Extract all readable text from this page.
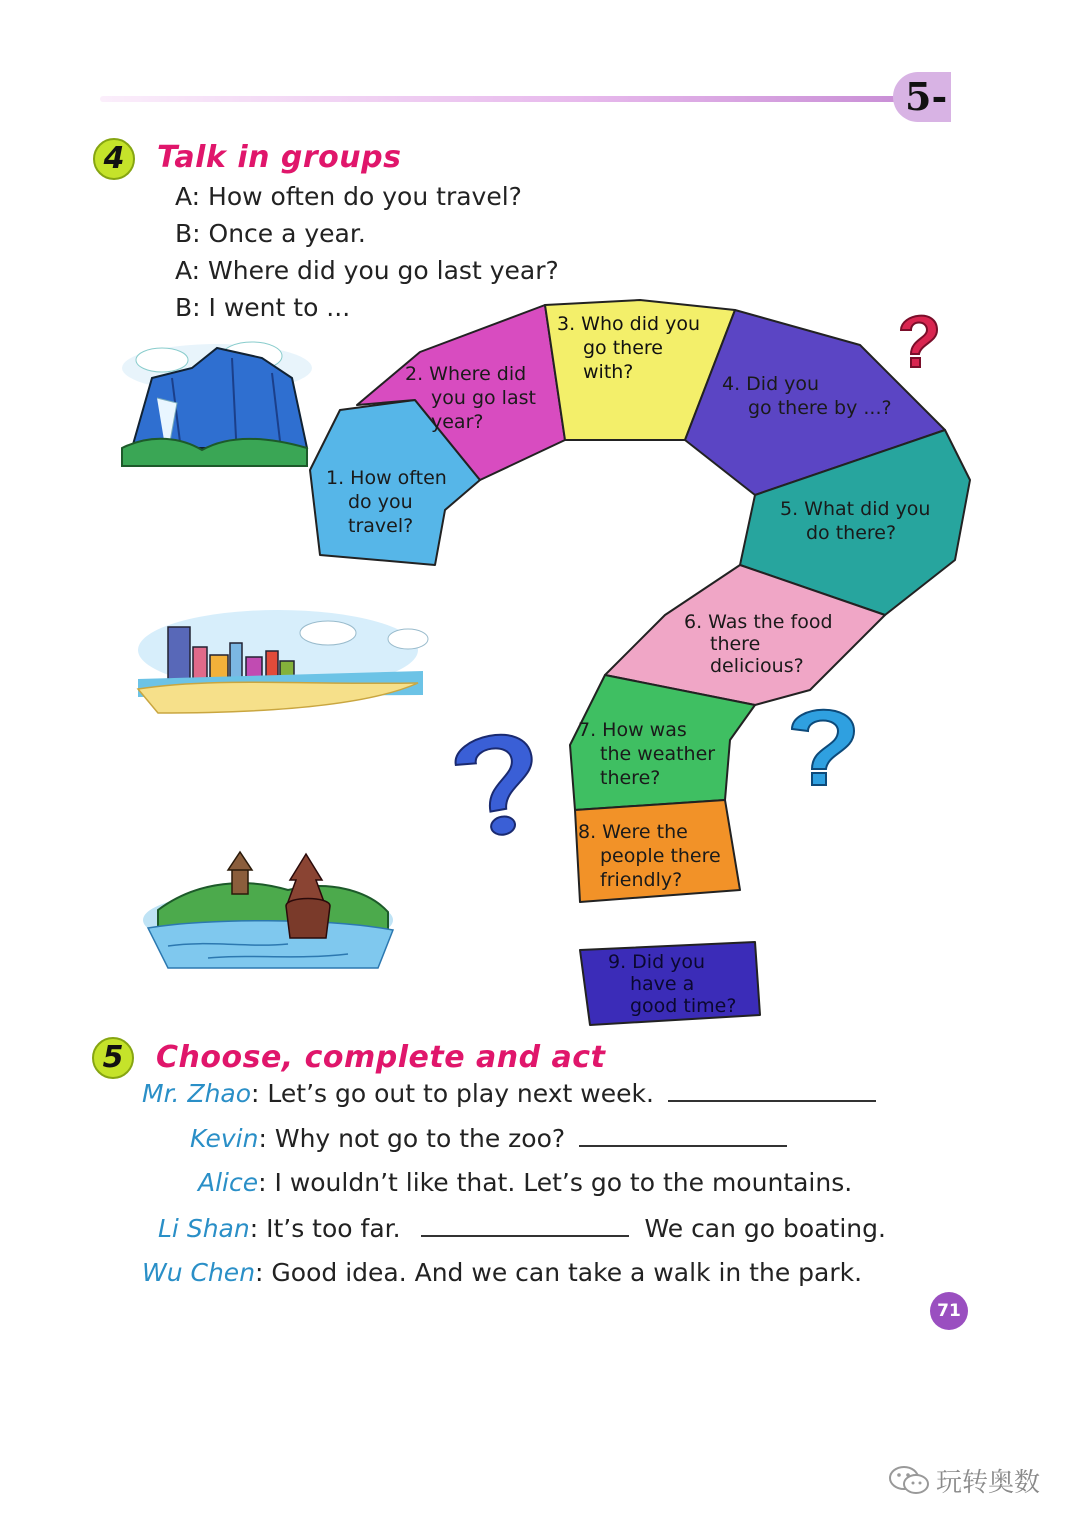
5-
4	Talk in groups
A: How often do you travel?
B: Once a year.
A: Where did you go last year?
B: I went to ...
1. How often
do you
travel?
2. Where did
you go last
year?
3. Who did you
go there
with?
4. Did you
go there by ...?
5. What did you
do there?
6. Was the food
there
delicious?
7. How was
the weather
there?
8. Were the
people there
friendly?
9. Did you
have a
good time?
5	Choose, complete and act
Mr. Zhao: Let’s go out to play next week.
Kevin: Why not go to the zoo?
Alice: I wouldn’t like that. Let’s go to the mountains.
Li Shan: It’s too far.	We can go boating.
Wu Chen: Good idea. And we can take a walk in the park.
71
玩转奥数
